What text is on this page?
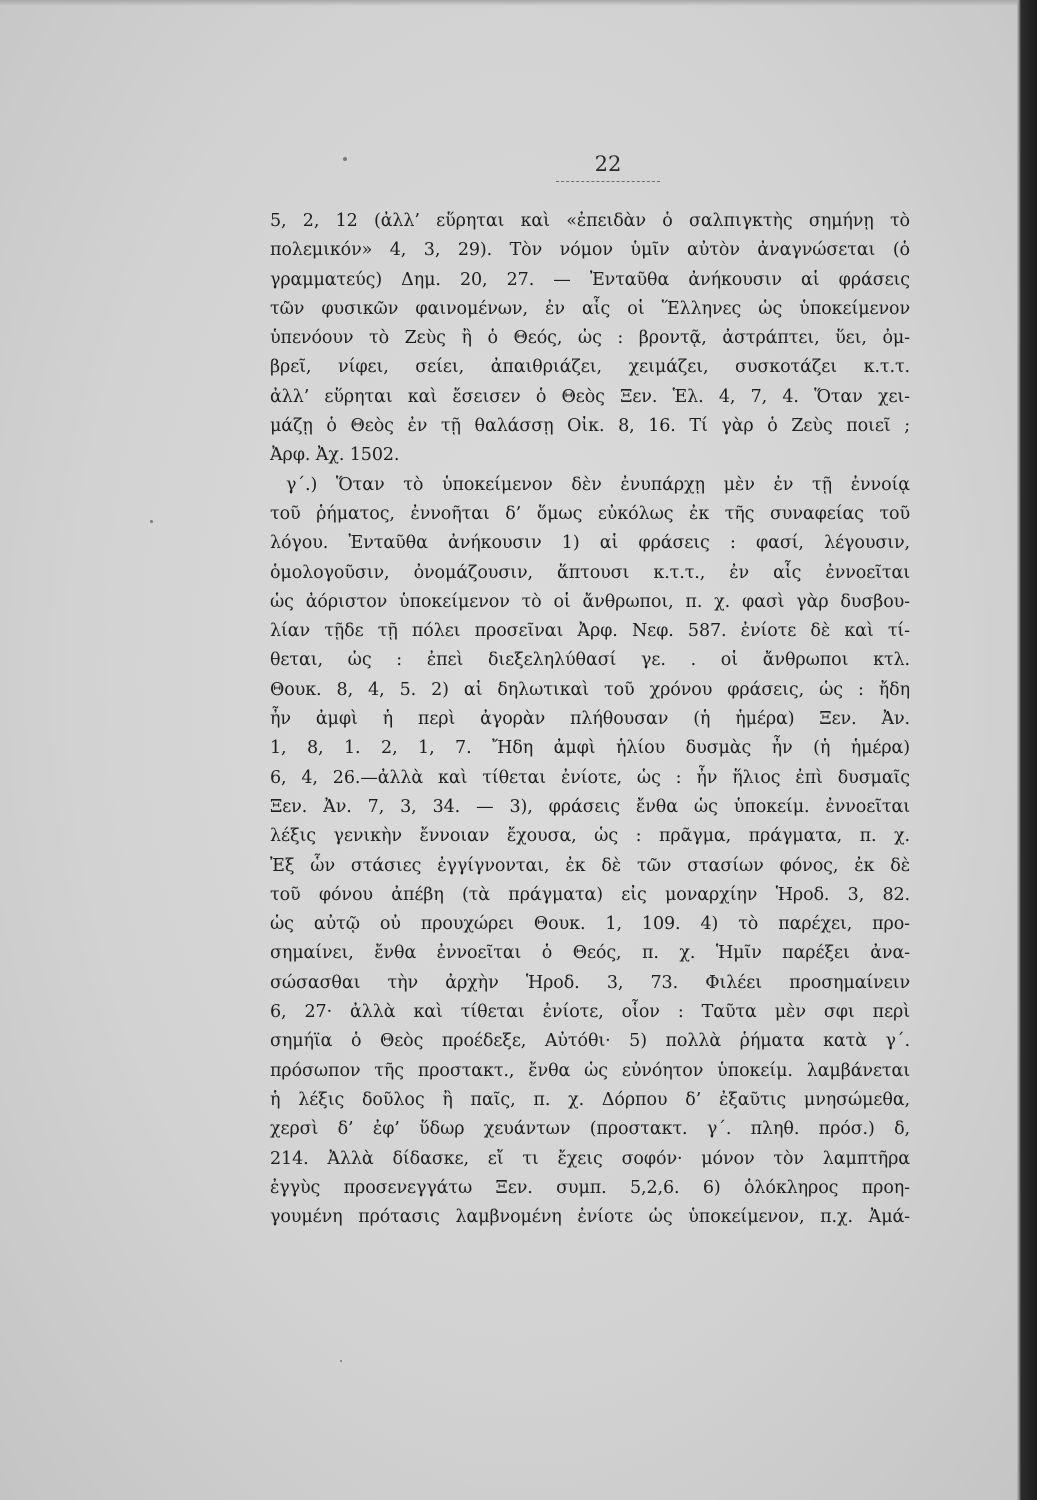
22
5, 2, 12 (ἀλλ’ εὕρηται καὶ «ἐπειδὰν ὁ σαλπιγκτὴς σημήνῃ τὸ
πολεμικόν» 4, 3, 29). Τὸν νόμον ὑμῖν αὐτὸν ἀναγνώσεται (ὁ
γραμματεύς) Δημ. 20, 27. — Ἐνταῦθα ἀνήκουσιν αἱ φράσεις
τῶν φυσικῶν φαινομένων, ἐν αἷς οἱ Ἕλληνες ὡς ὑποκείμενον
ὑπενόουν τὸ Ζεὺς ἢ ὁ Θεός, ὡς : βροντᾷ, ἀστράπτει, ὕει, ὀμ-
βρεῖ, νίφει, σείει, ἀπαιθριάζει, χειμάζει, συσκοτάζει κ.τ.τ.
ἀλλ’ εὕρηται καὶ ἔσεισεν ὁ Θεὸς Ξεν. Ἑλ. 4, 7, 4. Ὅταν χει-
μάζῃ ὁ Θεὸς ἐν τῇ θαλάσσῃ Οἰκ. 8, 16. Τί γὰρ ὁ Ζεὺς ποιεῖ ;
Ἀρφ. Ἀχ. 1502.
γ΄.) Ὅταν τὸ ὑποκείμενον δὲν ἐνυπάρχῃ μὲν ἐν τῇ ἐννοίᾳ
τοῦ ῥήματος, ἐννοῆται δ’ ὅμως εὐκόλως ἐκ τῆς συναφείας τοῦ
λόγου. Ἐνταῦθα ἀνήκουσιν 1) αἱ φράσεις : φασί, λέγουσιν,
ὁμολογοῦσιν, ὀνομάζουσιν, ἅπτουσι κ.τ.τ., ἐν αἷς ἐννοεῖται
ὡς ἀόριστον ὑποκείμενον τὸ οἱ ἄνθρωποι, π. χ. φασὶ γὰρ δυσβου-
λίαν τῇδε τῇ πόλει προσεῖναι Ἀρφ. Νεφ. 587. ἐνίοτε δὲ καὶ τί-
θεται, ὡς : ἐπεὶ διεξεληλύθασί γε. . οἱ ἄνθρωποι κτλ.
Θουκ. 8, 4, 5. 2) αἱ δηλωτικαὶ τοῦ χρόνου φράσεις, ὡς : ἤδη
ἦν ἀμφὶ ἡ περὶ ἀγορὰν πλήθουσαν (ἡ ἡμέρα) Ξεν. Ἀν.
1, 8, 1. 2, 1, 7. Ἤδη ἀμφὶ ἡλίου δυσμὰς ἦν (ἡ ἡμέρα)
6, 4, 26.—ἀλλὰ καὶ τίθεται ἐνίοτε, ὡς : ἦν ἥλιος ἐπὶ δυσμαῖς
Ξεν. Ἀν. 7, 3, 34. — 3), φράσεις ἔνθα ὡς ὑποκείμ. ἐννοεῖται
λέξις γενικὴν ἔννοιαν ἔχουσα, ὡς : πρᾶγμα, πράγματα, π. χ.
Ἐξ ὧν στάσιες ἐγγίγνονται, ἐκ δὲ τῶν στασίων φόνος, ἐκ δὲ
τοῦ φόνου ἀπέβη (τὰ πράγματα) εἰς μοναρχίην Ἡροδ. 3, 82.
ὡς αὐτῷ οὐ προυχώρει Θουκ. 1, 109. 4) τὸ παρέχει, προ-
σημαίνει, ἔνθα ἐννοεῖται ὁ Θεός, π. χ. Ἡμῖν παρέξει ἀνα-
σώσασθαι τὴν ἀρχὴν Ἡροδ. 3, 73. Φιλέει προσημαίνειν
6, 27· ἀλλὰ καὶ τίθεται ἐνίοτε, οἷον : Ταῦτα μὲν σφι περὶ
σημήϊα ὁ Θεὸς προέδεξε, Αὐτόθι· 5) πολλὰ ῥήματα κατὰ γ΄.
πρόσωπον τῆς προστακτ., ἔνθα ὡς εὐνόητον ὑποκείμ. λαμβάνεται
ἡ λέξις δοῦλος ἢ παῖς, π. χ. Δόρπου δ’ ἐξαῦτις μνησώμεθα,
χερσὶ δ’ ἐφ’ ὕδωρ χευάντων (προστακτ. γ΄. πληθ. πρόσ.) δ,
214. Ἀλλὰ δίδασκε, εἴ τι ἔχεις σοφόν· μόνον τὸν λαμπτῆρα
ἐγγὺς προσενεγγάτω Ξεν. συμπ. 5,2,6. 6) ὁλόκληρος προη-
γουμένη πρότασις λαμβνομένη ἐνίοτε ὡς ὑποκείμενον, π.χ. Ἀμά-
